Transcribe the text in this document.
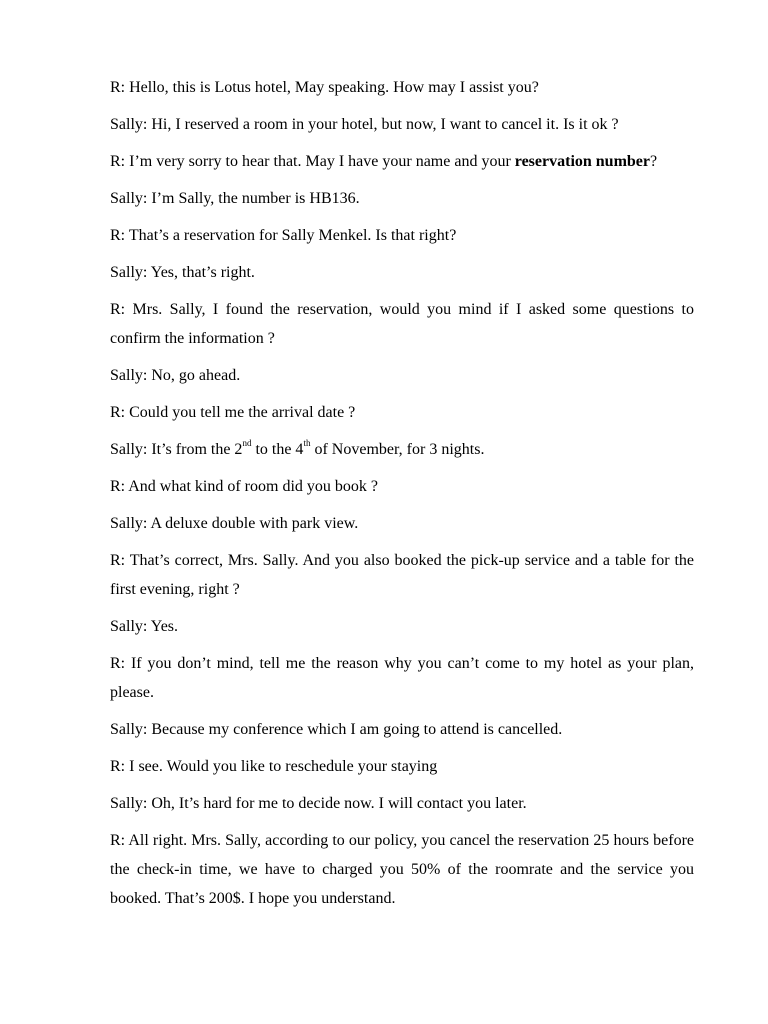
R: Hello, this is Lotus hotel, May speaking. How may I assist you?

Sally: Hi, I reserved a room in your hotel, but now, I want to cancel it. Is it ok ?

R: I’m very sorry to hear that. May I have your name and your reservation number?

Sally: I’m Sally, the number is HB136.

R: That’s a reservation for Sally Menkel. Is that right?

Sally: Yes, that’s right.

R: Mrs. Sally, I found the reservation, would you mind if I asked some questions to confirm the information ?

Sally: No, go ahead.

R: Could you tell me the arrival date ?

Sally: It’s from the 2nd to the 4th of November, for 3 nights.

R: And what kind of room did you book ?

Sally: A deluxe double with park view.

R: That’s correct, Mrs. Sally. And you also booked the pick-up service and a table for the first evening, right ?

Sally: Yes.

R: If you don’t mind, tell me the reason why you can’t come to my hotel as your plan, please.

Sally: Because my conference which I am going to attend is cancelled.

R: I see. Would you like to reschedule your staying

Sally: Oh, It’s hard for me to decide now. I will contact you later.

R: All right. Mrs. Sally, according to our policy, you cancel the reservation 25 hours before the check-in time, we have to charged you 50% of the roomrate and the service you booked. That’s 200$. I hope you understand.
